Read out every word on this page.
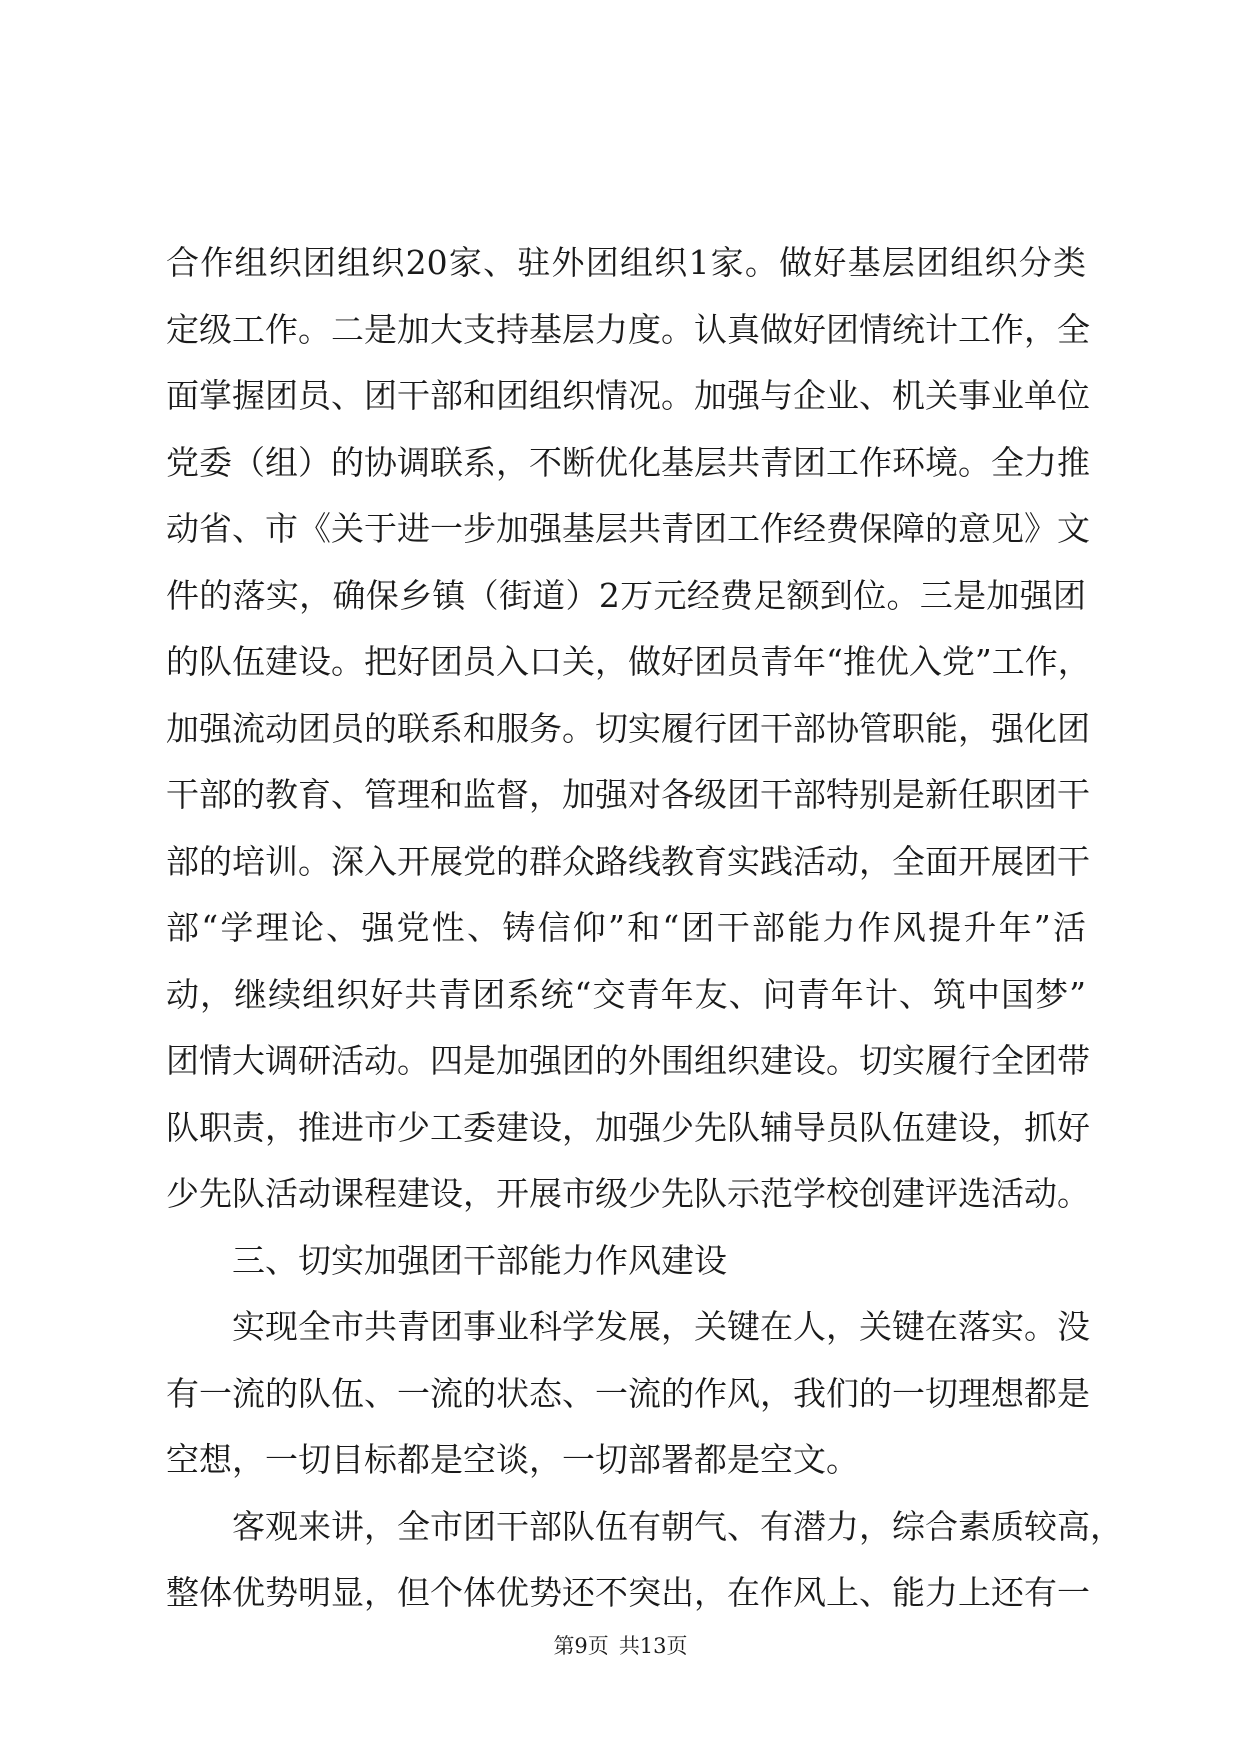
合作组织团组织20家、驻外团组织1家。做好基层团组织分类
定级工作。二是加大支持基层力度。认真做好团情统计工作，全
面掌握团员、团干部和团组织情况。加强与企业、机关事业单位
党委（组）的协调联系，不断优化基层共青团工作环境。全力推
动省、市《关于进一步加强基层共青团工作经费保障的意见》文
件的落实，确保乡镇（街道）2万元经费足额到位。三是加强团
的队伍建设。把好团员入口关，做好团员青年“推优入党”工作，
加强流动团员的联系和服务。切实履行团干部协管职能，强化团
干部的教育、管理和监督，加强对各级团干部特别是新任职团干
部的培训。深入开展党的群众路线教育实践活动，全面开展团干
部“学理论、强党性、铸信仰”和“团干部能力作风提升年”活
动，继续组织好共青团系统“交青年友、问青年计、筑中国梦”
团情大调研活动。四是加强团的外围组织建设。切实履行全团带
队职责，推进市少工委建设，加强少先队辅导员队伍建设，抓好
少先队活动课程建设，开展市级少先队示范学校创建评选活动。
三、切实加强团干部能力作风建设
实现全市共青团事业科学发展，关键在人，关键在落实。没
有一流的队伍、一流的状态、一流的作风，我们的一切理想都是
空想，一切目标都是空谈，一切部署都是空文。
客观来讲，全市团干部队伍有朝气、有潜力，综合素质较高，
整体优势明显，但个体优势还不突出，在作风上、能力上还有一
第9页 共13页
